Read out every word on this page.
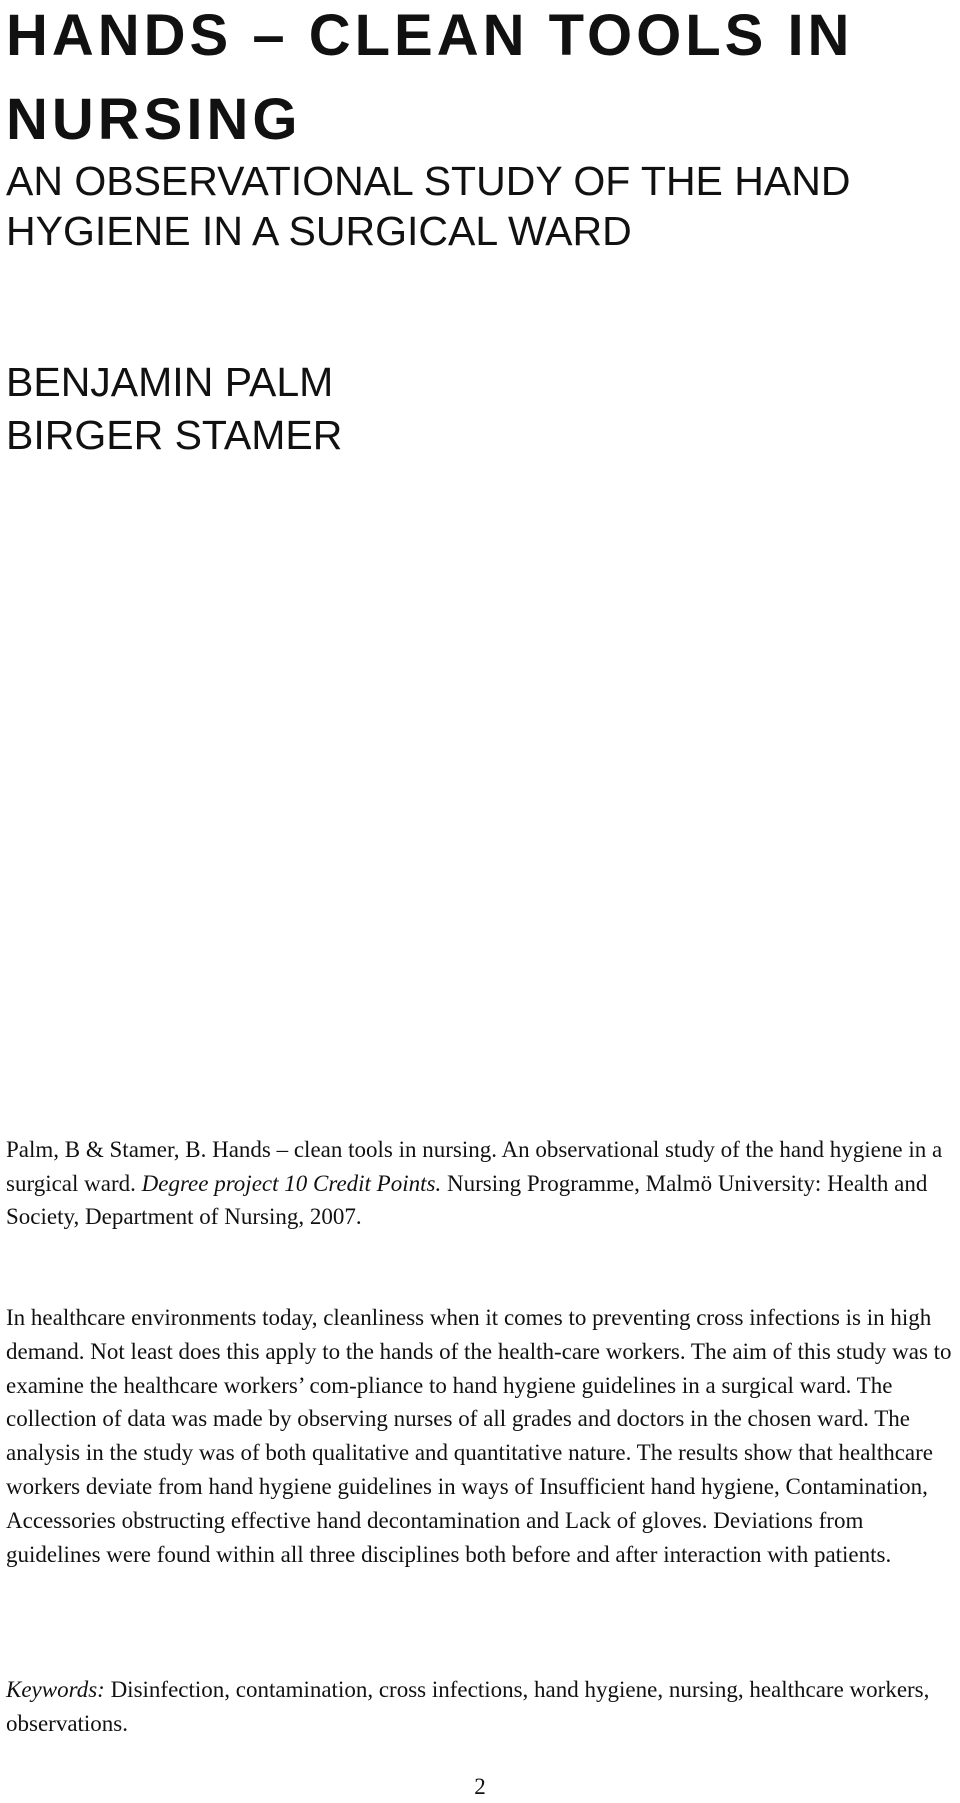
HANDS – CLEAN TOOLS IN NURSING
AN OBSERVATIONAL STUDY OF THE HAND HYGIENE IN A SURGICAL WARD
BENJAMIN PALM
BIRGER STAMER

Palm, B & Stamer, B. Hands – clean tools in nursing. An observational study of the hand hygiene in a surgical ward. Degree project 10 Credit Points. Nursing Programme, Malmö University: Health and Society, Department of Nursing, 2007.

In healthcare environments today, cleanliness when it comes to preventing cross infections is in high demand. Not least does this apply to the hands of the health-care workers. The aim of this study was to examine the healthcare workers’ com-pliance to hand hygiene guidelines in a surgical ward. The collection of data was made by observing nurses of all grades and doctors in the chosen ward. The analysis in the study was of both qualitative and quantitative nature. The results show that healthcare workers deviate from hand hygiene guidelines in ways of Insufficient hand hygiene, Contamination, Accessories obstructing effective hand decontamination and Lack of gloves. Deviations from guidelines were found within all three disciplines both before and after interaction with patients.

Keywords: Disinfection, contamination, cross infections, hand hygiene, nursing, healthcare workers, observations.

2
